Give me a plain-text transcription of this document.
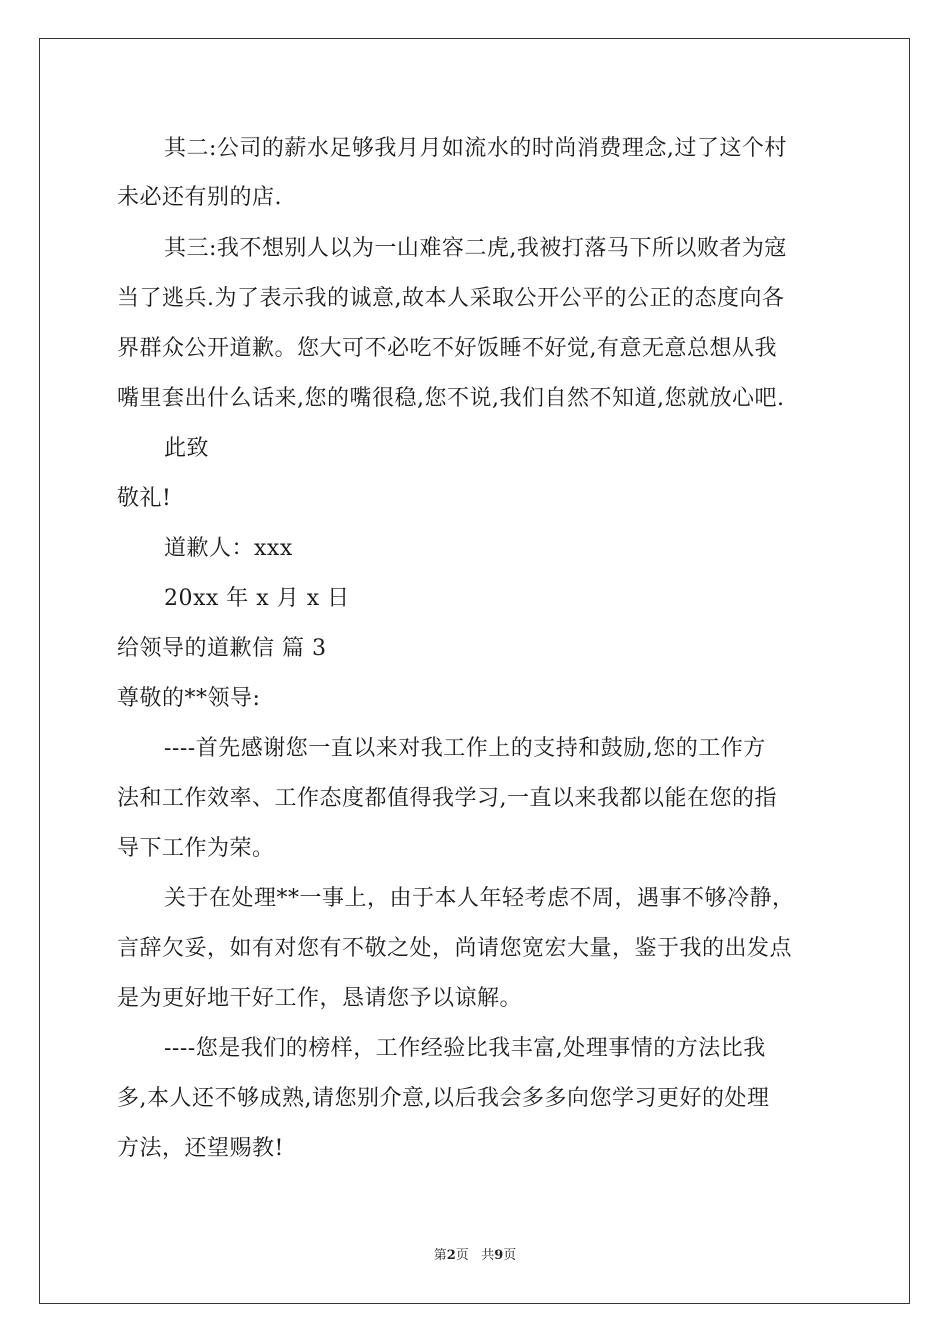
其二:公司的薪水足够我月月如流水的时尚消费理念,过了这个村
未必还有别的店.
其三:我不想别人以为一山难容二虎,我被打落马下所以败者为寇
当了逃兵.为了表示我的诚意,故本人采取公开公平的公正的态度向各
界群众公开道歉。您大可不必吃不好饭睡不好觉,有意无意总想从我
嘴里套出什么话来,您的嘴很稳,您不说,我们自然不知道,您就放心吧.
此致
敬礼!
道歉人：xxx
20xx 年 x 月 x 日
给领导的道歉信 篇 3
尊敬的**领导:
----首先感谢您一直以来对我工作上的支持和鼓励,您的工作方
法和工作效率、工作态度都值得我学习,一直以来我都以能在您的指
导下工作为荣。
关于在处理**一事上，由于本人年轻考虑不周，遇事不够冷静，
言辞欠妥，如有对您有不敬之处，尚请您宽宏大量，鉴于我的出发点
是为更好地干好工作，恳请您予以谅解。
----您是我们的榜样，工作经验比我丰富,处理事情的方法比我
多,本人还不够成熟,请您别介意,以后我会多多向您学习更好的处理
方法，还望赐教!
第2页 共9页
